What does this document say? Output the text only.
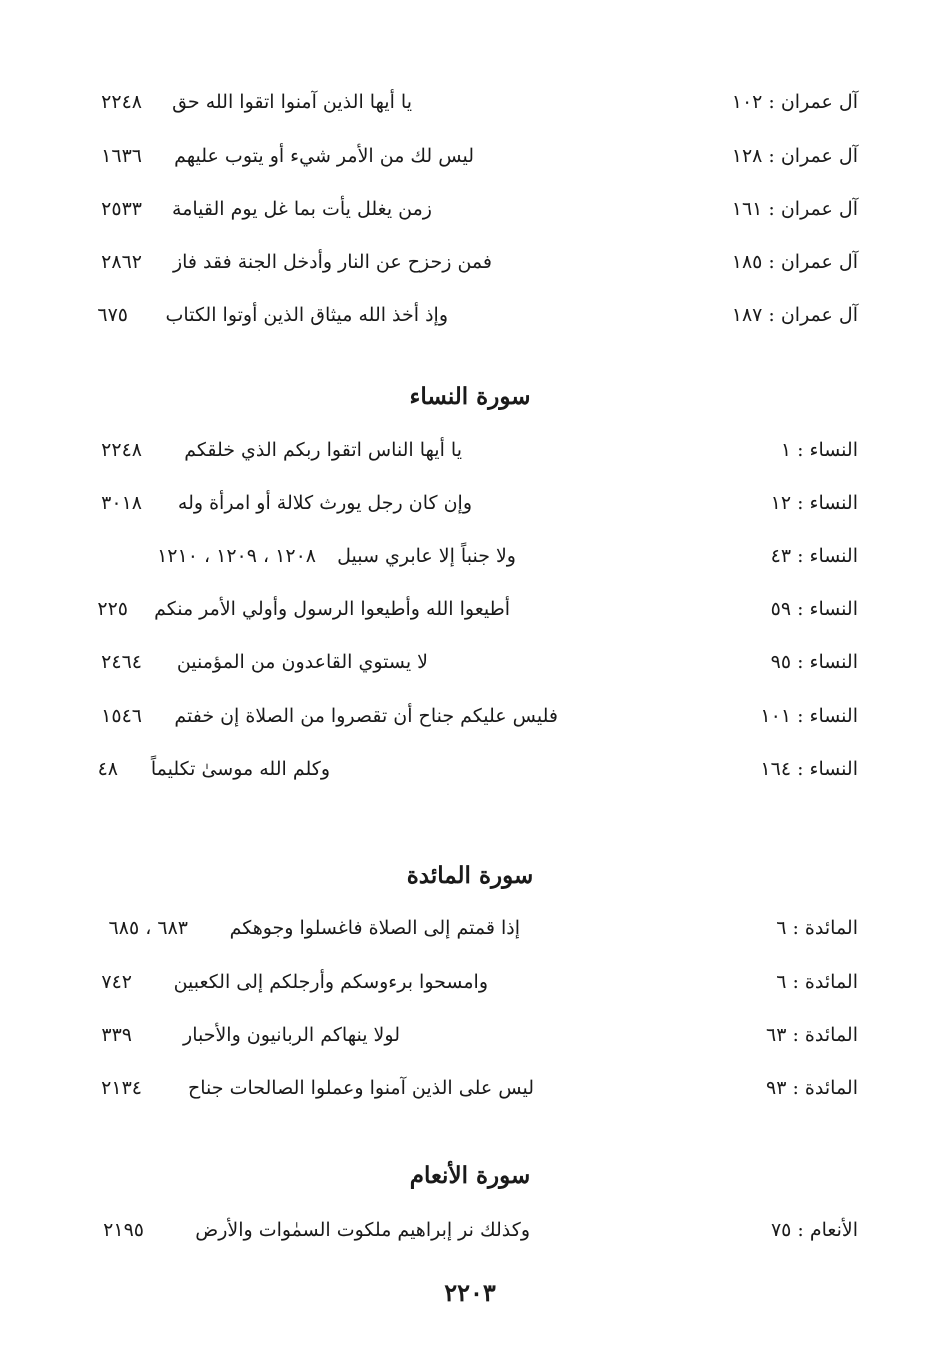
آل عمران : ١٠٢
يا أيها الذين آمنوا اتقوا الله حق
٢٢٤٨
آل عمران : ١٢٨
ليس لك من الأمر شيء أو يتوب عليهم
١٦٣٦
آل عمران : ١٦١
زمن يغلل يأت بما غل يوم القيامة
٢٥٣٣
آل عمران : ١٨٥
فمن زحزح عن النار وأدخل الجنة فقد فاز
٢٨٦٢
آل عمران : ١٨٧
وإذ أخذ الله ميثاق الذين أوتوا الكتاب
٦٧٥
سورة النساء
النساء : ١
يا أيها الناس اتقوا ربكم الذي خلقكم
٢٢٤٨
النساء : ١٢
وإن كان رجل يورث كلالة أو امرأة وله
٣٠١٨
النساء : ٤٣
ولا جنباً إلا عابري سبيل
١٢٠٨ ، ١٢٠٩ ، ١٢١٠
النساء : ٥٩
أطيعوا الله وأطيعوا الرسول وأولي الأمر منكم
٢٢٥
النساء : ٩٥
لا يستوي القاعدون من المؤمنين
٢٤٦٤
النساء : ١٠١
فليس عليكم جناح أن تقصروا من الصلاة إن خفتم
١٥٤٦
النساء : ١٦٤
وكلم الله موسىٰ تكليماً
٤٨
سورة المائدة
المائدة : ٦
إذا قمتم إلى الصلاة فاغسلوا وجوهكم
٦٨٣ ، ٦٨٥
المائدة : ٦
وامسحوا برءوسكم وأرجلكم إلى الكعبين
٧٤٢
المائدة : ٦٣
لولا ينهاكم الربانيون والأحبار
٣٣٩
المائدة : ٩٣
ليس على الذين آمنوا وعملوا الصالحات جناح
٢١٣٤
سورة الأنعام
الأنعام : ٧٥
وكذلك نر إبراهيم ملكوت السمٰوات والأرض
٢١٩٥
٢٢٠٣
